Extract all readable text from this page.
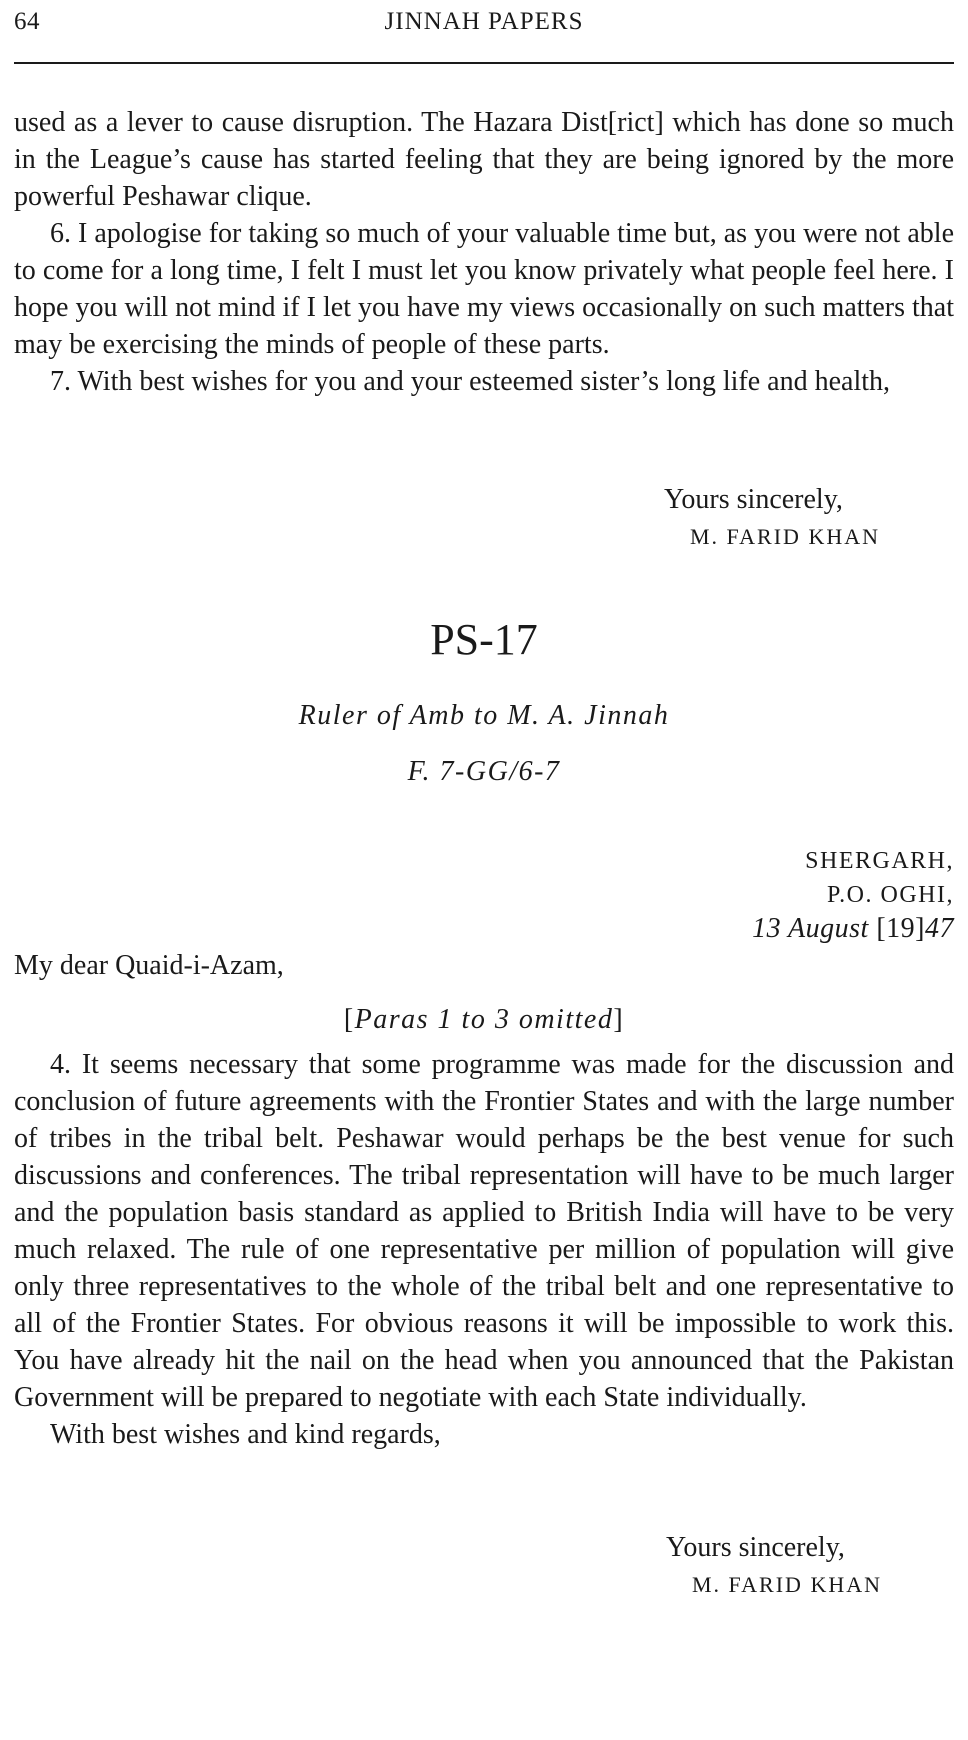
64	JINNAH PAPERS

used as a lever to cause disruption. The Hazara Dist[rict] which has done so much in the League’s cause has started feeling that they are being ignored by the more powerful Peshawar clique.

6. I apologise for taking so much of your valuable time but, as you were not able to come for a long time, I felt I must let you know privately what people feel here. I hope you will not mind if I let you have my views occasionally on such matters that may be exercising the minds of people of these parts.

7. With best wishes for you and your esteemed sister’s long life and health,

Yours sincerely,
M. FARID KHAN
PS-17
Ruler of Amb to M. A. Jinnah
F. 7-GG/6-7
SHERGARH,
P.O. OGHI,
13 August [19]47
My dear Quaid-i-Azam,
[Paras 1 to 3 omitted]

4. It seems necessary that some programme was made for the discussion and conclusion of future agreements with the Frontier States and with the large number of tribes in the tribal belt. Peshawar would perhaps be the best venue for such discussions and conferences. The tribal representation will have to be much larger and the population basis standard as applied to British India will have to be very much relaxed. The rule of one representative per million of population will give only three representatives to the whole of the tribal belt and one representative to all of the Frontier States. For obvious reasons it will be impossible to work this. You have already hit the nail on the head when you announced that the Pakistan Government will be prepared to negotiate with each State individually.

With best wishes and kind regards,

Yours sincerely,
M. FARID KHAN
